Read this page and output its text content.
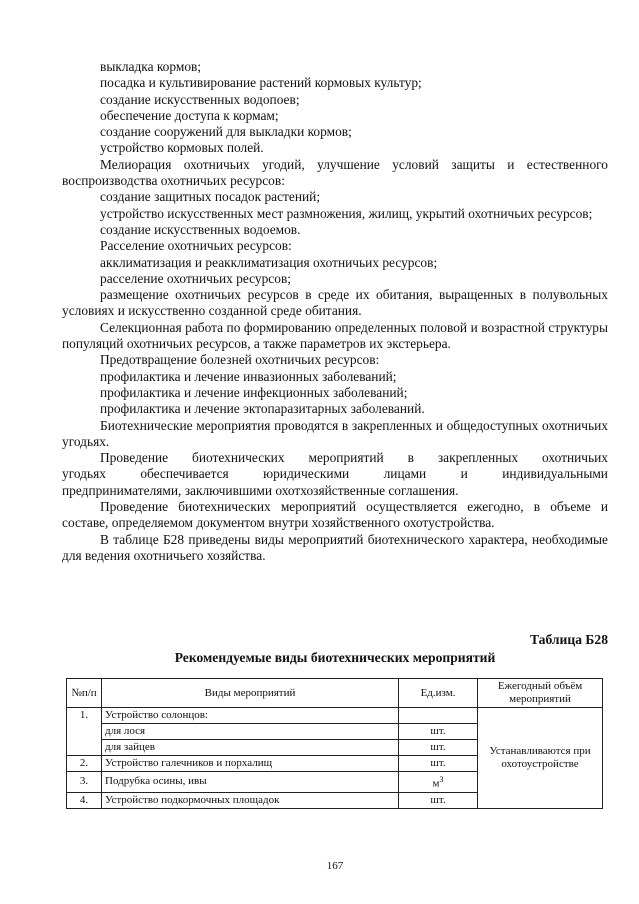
выкладка кормов;

посадка и культивирование растений кормовых культур;

создание искусственных водопоев;

обеспечение доступа к кормам;

создание сооружений для выкладки кормов;

устройство кормовых полей.

Мелиорация охотничьих угодий, улучшение условий защиты и естественного воспроизводства охотничьих ресурсов:

создание защитных посадок растений;

устройство искусственных мест размножения, жилищ, укрытий охотничьих ресурсов;

создание искусственных водоемов.

Расселение охотничьих ресурсов:

акклиматизация и реакклиматизация охотничьих ресурсов;

расселение охотничьих ресурсов;

размещение охотничьих ресурсов в среде их обитания, выращенных в полувольных условиях и искусственно созданной среде обитания.

Селекционная работа по формированию определенных половой и возрастной структуры популяций охотничьих ресурсов, а также параметров их экстерьера.

Предотвращение болезней охотничьих ресурсов:

профилактика и лечение инвазионных заболеваний;

профилактика и лечение инфекционных заболеваний;

профилактика и лечение эктопаразитарных заболеваний.

Биотехнические мероприятия проводятся в закрепленных и общедоступных охотничьих угодьях.

Проведение биотехнических мероприятий в закрепленных охотничьих

угодьях	обеспечивается	юридическими	лицами	и	индивидуальными

предпринимателями, заключившими охотхозяйственные соглашения.

Проведение биотехнических мероприятий осуществляется ежегодно, в объеме и составе, определяемом документом внутри хозяйственного охотустройства.

В таблице Б28 приведены виды мероприятий биотехнического характера, необходимые для ведения охотничьего хозяйства.

Таблица Б28
Рекомендуемые виды биотехнических мероприятий
№п/п	Виды мероприятий	Ед.изм.	Ежегодный объём мероприятий
1.	Устройство солонцов:		Устанавливаются при охотоустройстве
	для лося	шт.	
	для зайцев	шт.	
2.	Устройство галечников и порхалищ	шт.	
3.	Подрубка осины, ивы	$м^3$
4.	Устройство подкормочных площадок	шт.	
167
